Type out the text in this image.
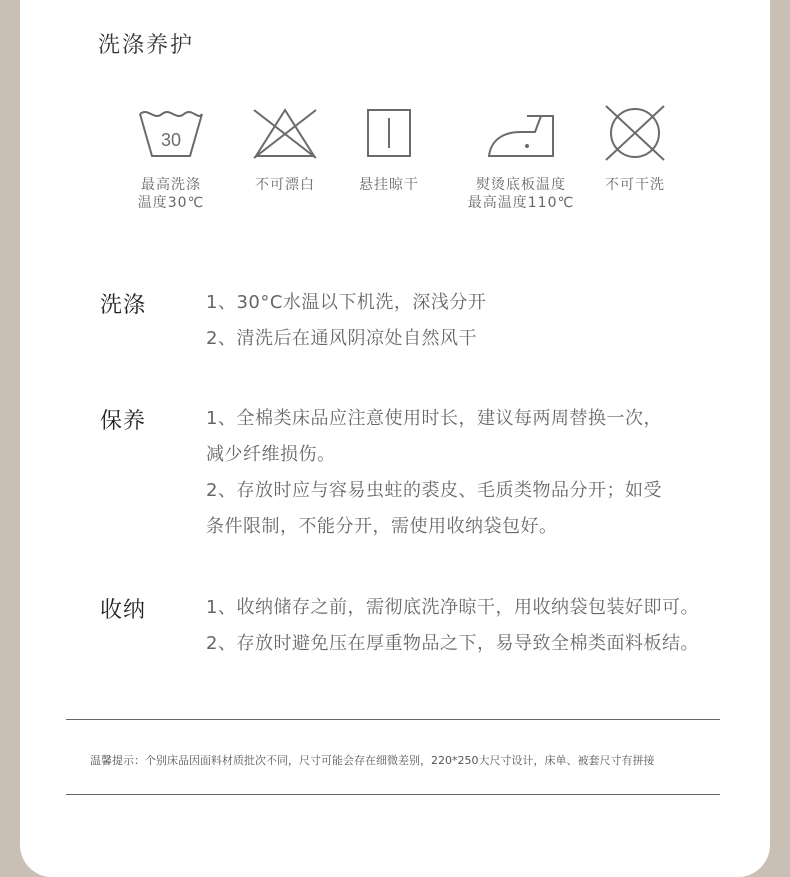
洗涤养护
30
最高洗涤
温度30℃
不可漂白	悬挂晾干	熨烫底板温度
最高温度110℃
不可干洗
洗涤	1、30°C水温以下机洗，深浅分开
2、清洗后在通风阴凉处自然风干
保养	1、全棉类床品应注意使用时长，建议每两周替换一次，
减少纤维损伤。
2、存放时应与容易虫蛀的裘皮、毛质类物品分开；如受
条件限制，不能分开，需使用收纳袋包好。
收纳	1、收纳储存之前，需彻底洗净晾干，用收纳袋包装好即可。
2、存放时避免压在厚重物品之下，易导致全棉类面料板结。
温馨提示：个别床品因面料材质批次不同，尺寸可能会存在细微差别，220*250大尺寸设计，床单、被套尺寸有拼接
